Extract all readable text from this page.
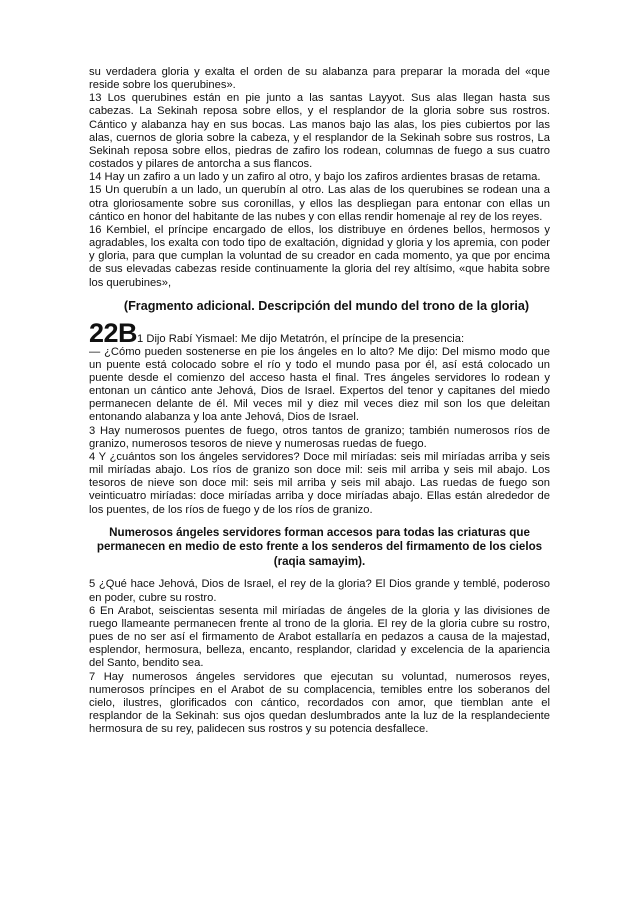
su verdadera gloria y exalta el orden de su alabanza para preparar la morada del «que reside sobre los querubines».

13 Los querubines están en pie junto a las santas Layyot. Sus alas llegan hasta sus cabezas. La Sekinah reposa sobre ellos, y el resplandor de la gloria sobre sus rostros. Cántico y alabanza hay en sus bocas. Las manos bajo las alas, los pies cubiertos por las alas, cuernos de gloria sobre la cabeza, y el resplandor de la Sekinah sobre sus rostros, La Sekinah reposa sobre ellos, piedras de zafiro los rodean, columnas de fuego a sus cuatro costados y pilares de antorcha a sus flancos.

14 Hay un zafiro a un lado y un zafiro al otro, y bajo los zafiros ardientes brasas de retama.

15 Un querubín a un lado, un querubín al otro. Las alas de los querubines se rodean una a otra gloriosamente sobre sus coronillas, y ellos las despliegan para entonar con ellas un cántico en honor del habitante de las nubes y con ellas rendir homenaje al rey de los reyes.

16 Kembiel, el príncipe encargado de ellos, los distribuye en órdenes bellos, hermosos y agradables, los exalta con todo tipo de exaltación, dignidad y gloria y los apremia, con poder y gloria, para que cumplan la voluntad de su creador en cada momento, ya que por encima de sus elevadas cabezas reside continuamente la gloria del rey altísimo, «que habita sobre los querubines»,

(Fragmento adicional. Descripción del mundo del trono de la gloria)

22B1 Dijo Rabí Yismael: Me dijo Metatrón, el príncipe de la presencia:

— ¿Cómo pueden sostenerse en pie los ángeles en lo alto? Me dijo: Del mismo modo que un puente está colocado sobre el río y todo el mundo pasa por él, así está colocado un puente desde el comienzo del acceso hasta el final. Tres ángeles servidores lo rodean y entonan un cántico ante Jehová, Dios de Israel. Expertos del tenor y capitanes del miedo permanecen delante de él. Mil veces mil y diez mil veces diez mil son los que deleitan entonando alabanza y loa ante Jehová, Dios de Israel.

3 Hay numerosos puentes de fuego, otros tantos de granizo; también numerosos ríos de granizo, numerosos tesoros de nieve y numerosas ruedas de fuego.

4 Y ¿cuántos son los ángeles servidores? Doce mil miríadas: seis mil miríadas arriba y seis mil miríadas abajo. Los ríos de granizo son doce mil: seis mil arriba y seis mil abajo. Los tesoros de nieve son doce mil: seis mil arriba y seis mil abajo. Las ruedas de fuego son veinticuatro miríadas: doce miríadas arriba y doce miríadas abajo. Ellas están alrededor de los puentes, de los ríos de fuego y de los ríos de granizo.

Numerosos ángeles servidores forman accesos para todas las criaturas que permanecen en medio de esto frente a los senderos del firmamento de los cielos (raqia samayim).

5 ¿Qué hace Jehová, Dios de Israel, el rey de la gloria? El Dios grande y temblé, poderoso en poder, cubre su rostro.

6 En Arabot, seiscientas sesenta mil miríadas de ángeles de la gloria y las divisiones de ruego llameante permanecen frente al trono de la gloria. El rey de la gloria cubre su rostro, pues de no ser así el firmamento de Arabot estallaría en pedazos a causa de la majestad, esplendor, hermosura, belleza, encanto, resplandor, claridad y excelencia de la apariencia del Santo, bendito sea.

7 Hay numerosos ángeles servidores que ejecutan su voluntad, numerosos reyes, numerosos príncipes en el Arabot de su complacencia, temibles entre los soberanos del cielo, ilustres, glorificados con cántico, recordados con amor, que tiemblan ante el resplandor de la Sekinah: sus ojos quedan deslumbrados ante la luz de la resplandeciente hermosura de su rey, palidecen sus rostros y su potencia desfallece.
